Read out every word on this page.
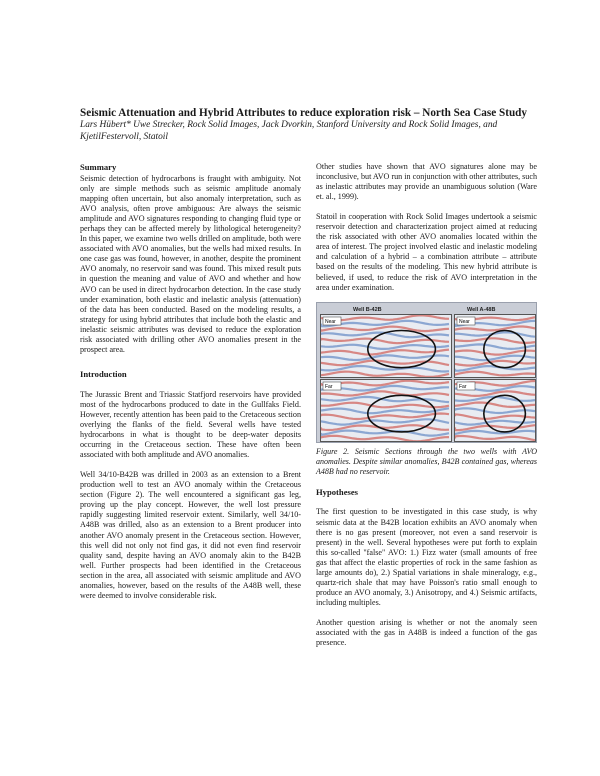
Seismic Attenuation and Hybrid Attributes to reduce exploration risk – North Sea Case Study
Lars Hübert* Uwe Strecker, Rock Solid Images, Jack Dvorkin, Stanford University and Rock Solid Images, and KjetilFestervoll, Statoil
Summary

Seismic detection of hydrocarbons is fraught with ambiguity. Not only are simple methods such as seismic amplitude anomaly mapping often uncertain, but also anomaly interpretation, such as AVO analysis, often prove ambiguous: Are always the seismic amplitude and AVO signatures responding to changing fluid type or perhaps they can be affected merely by lithological heterogeneity? In this paper, we examine two wells drilled on amplitude, both were associated with AVO anomalies, but the wells had mixed results. In one case gas was found, however, in another, despite the prominent AVO anomaly, no reservoir sand was found. This mixed result puts in question the meaning and value of AVO and whether and how AVO can be used in direct hydrocarbon detection. In the case study under examination, both elastic and inelastic analysis (attenuation) of the data has been conducted. Based on the modeling results, a strategy for using hybrid attributes that include both the elastic and inelastic seismic attributes was devised to reduce the exploration risk associated with drilling other AVO anomalies present in the prospect area.

Introduction

The Jurassic Brent and Triassic Statfjord reservoirs have provided most of the hydrocarbons produced to date in the Gullfaks Field. However, recently attention has been paid to the Cretaceous section overlying the flanks of the field. Several wells have tested hydrocarbons in what is thought to be deep-water deposits occurring in the Cretaceous section. These have often been associated with both amplitude and AVO anomalies.

Well 34/10-B42B was drilled in 2003 as an extension to a Brent production well to test an AVO anomaly within the Cretaceous section (Figure 2). The well encountered a significant gas leg, proving up the play concept. However, the well lost pressure rapidly suggesting limited reservoir extent. Similarly, well 34/10-A48B was drilled, also as an extension to a Brent producer into another AVO anomaly present in the Cretaceous section. However, this well did not only not find gas, it did not even find reservoir quality sand, despite having an AVO anomaly akin to the B42B well. Further prospects had been identified in the Cretaceous section in the area, all associated with seismic amplitude and AVO anomalies, however, based on the results of the A48B well, these were deemed to involve considerable risk.

Other studies have shown that AVO signatures alone may be inconclusive, but AVO run in conjunction with other attributes, such as inelastic attributes may provide an unambiguous solution (Ware et. al., 1999).

Statoil in cooperation with Rock Solid Images undertook a seismic reservoir detection and characterization project aimed at reducing the risk associated with other AVO anomalies located within the area of interest. The project involved elastic and inelastic modeling and calculation of a hybrid – a combination attribute – attribute based on the results of the modeling. This new hybrid attribute is believed, if used, to reduce the risk of AVO interpretation in the area under examination.

Well B-42B	Well A-48B
Near	Near
Far	Far

Figure 2. Seismic Sections through the two wells with AVO anomalies. Despite similar anomalies, B42B contained gas, whereas A48B had no reservoir.

Hypotheses

The first question to be investigated in this case study, is why seismic data at the B42B location exhibits an AVO anomaly when there is no gas present (moreover, not even a sand reservoir is present) in the well. Several hypotheses were put forth to explain this so-called "false" AVO: 1.) Fizz water (small amounts of free gas that affect the elastic properties of rock in the same fashion as large amounts do), 2.) Spatial variations in shale mineralogy, e.g., quartz-rich shale that may have Poisson's ratio small enough to produce an AVO anomaly, 3.) Anisotropy, and 4.) Seismic artifacts, including multiples.

Another question arising is whether or not the anomaly seen associated with the gas in A48B is indeed a function of the gas presence.
